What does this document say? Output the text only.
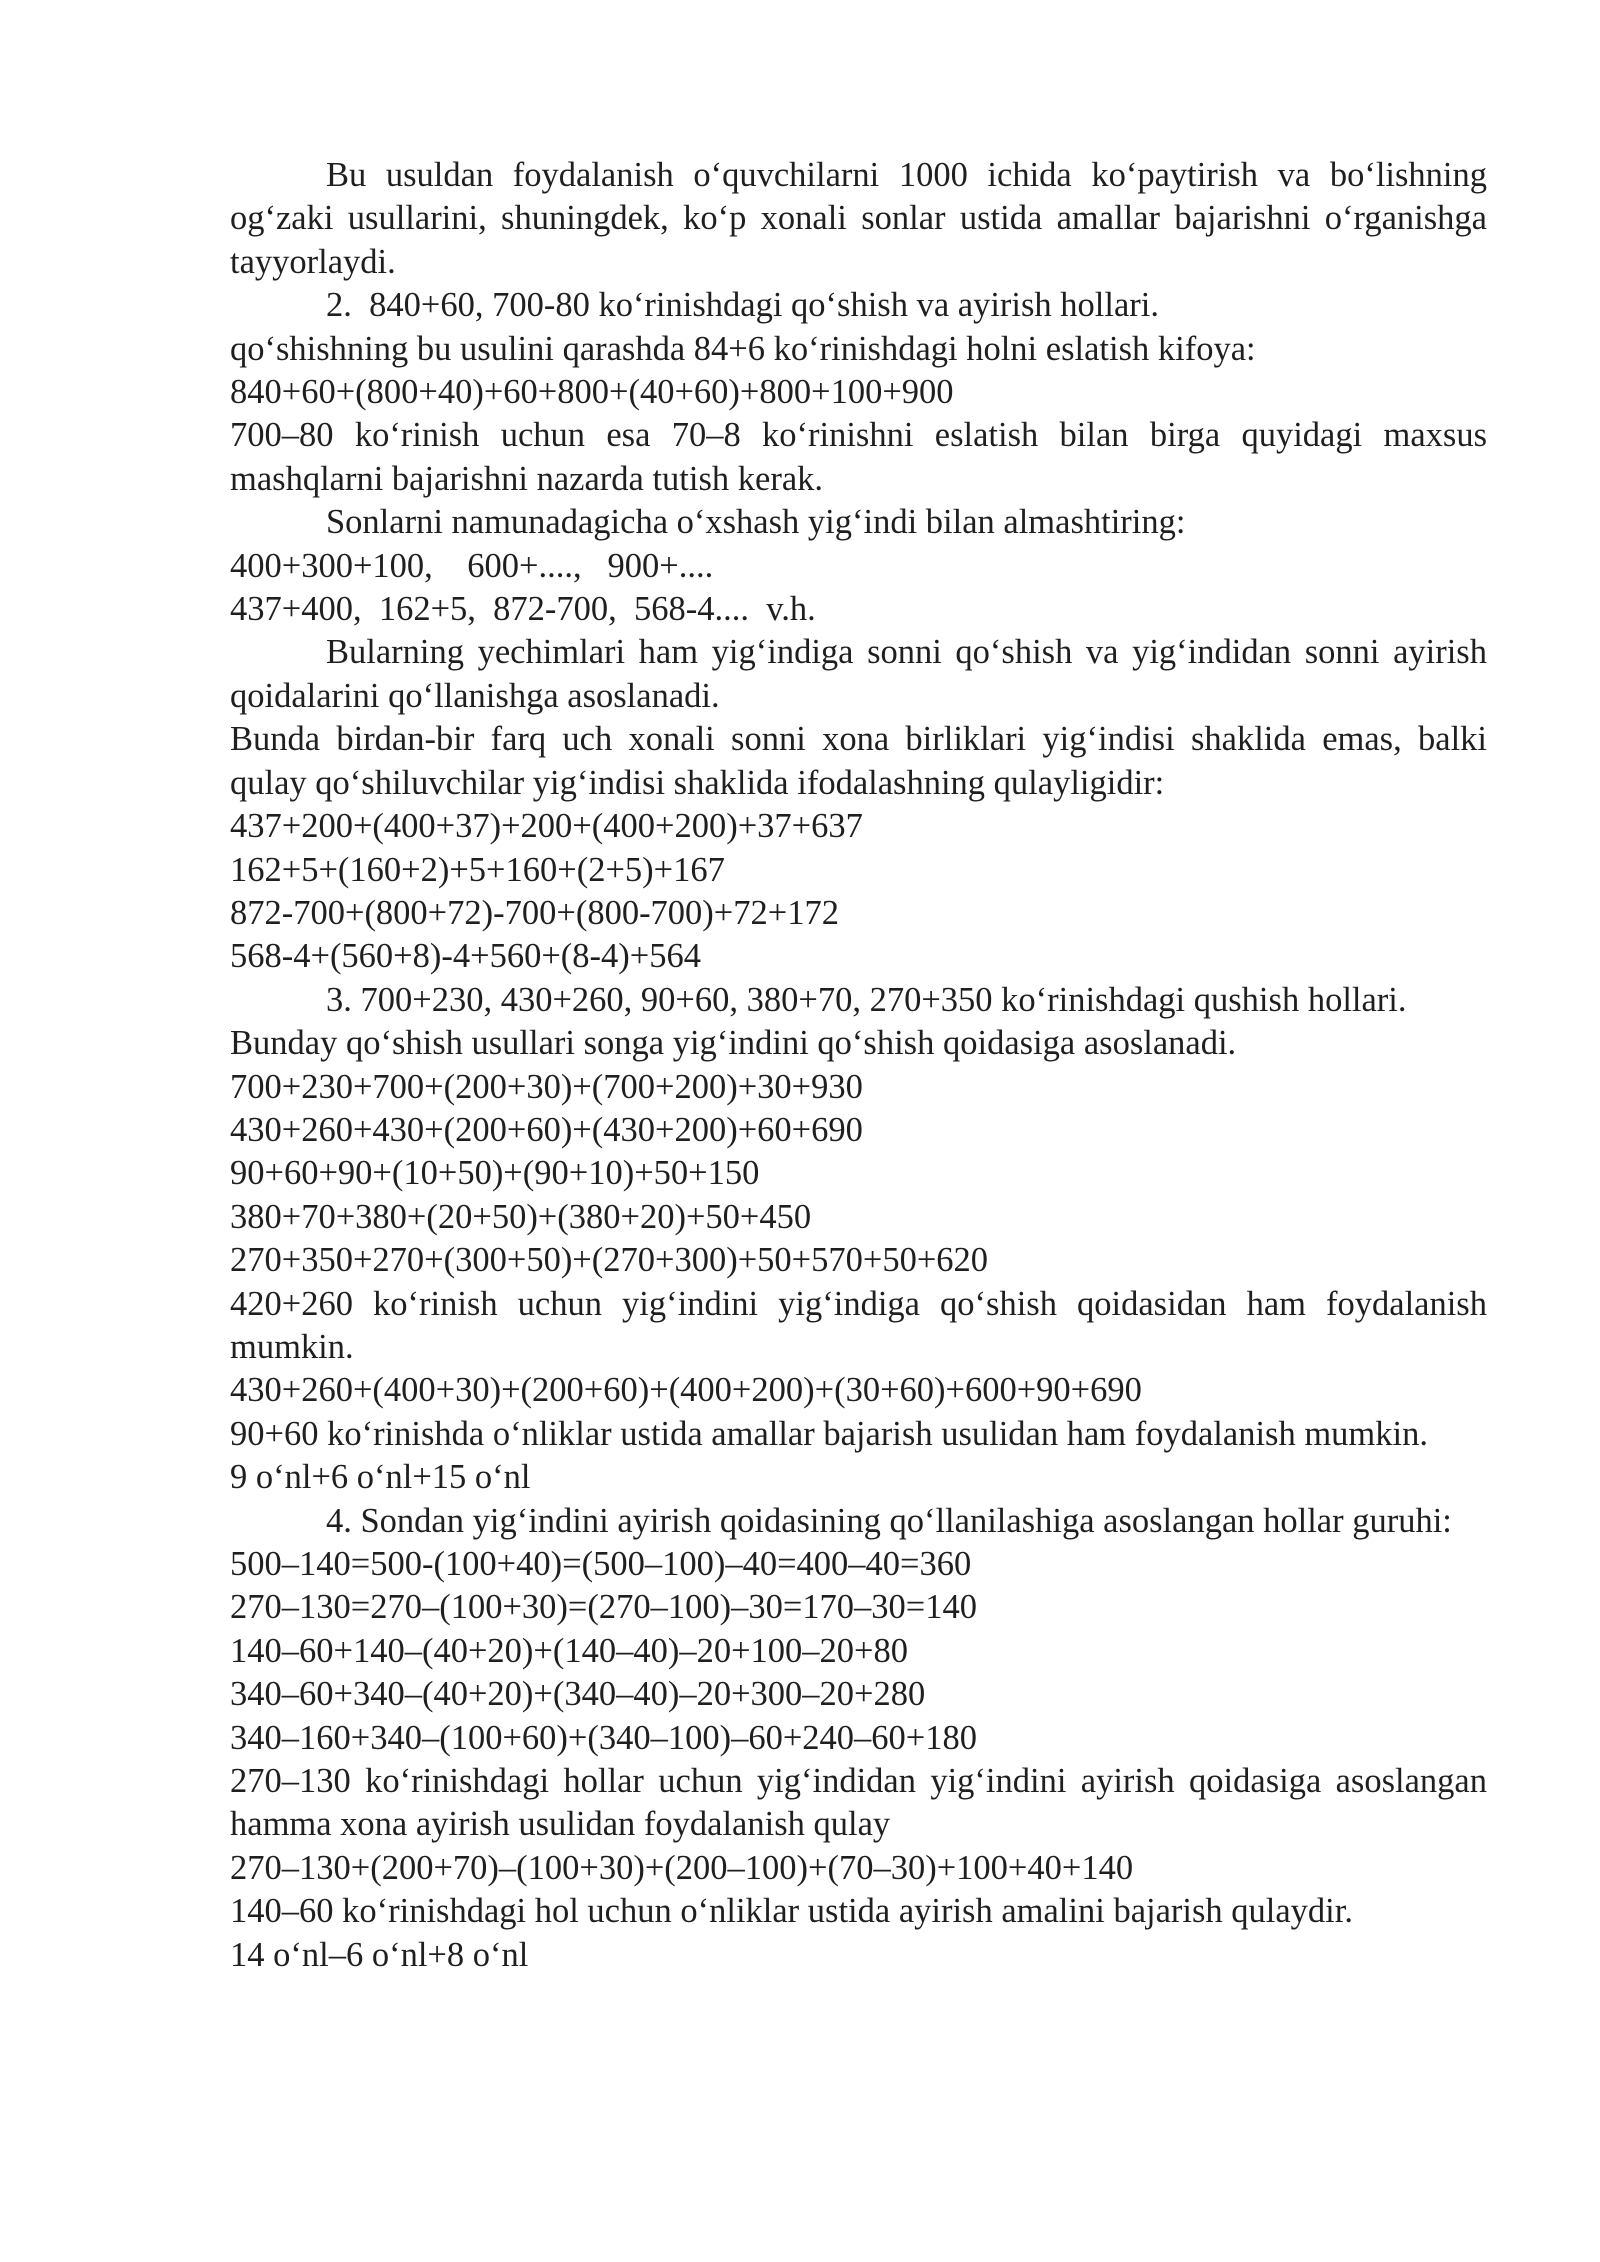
Bu usuldan foydalanish o‘quvchilarni 1000 ichida ko‘paytirish va bo‘lishning og‘zaki usullarini, shuningdek, ko‘p xonali sonlar ustida amallar bajarishni o‘rganishga tayyorlaydi.

2.  840+60, 700-80 ko‘rinishdagi qo‘shish va ayirish hollari.

qo‘shishning bu usulini qarashda 84+6 ko‘rinishdagi holni eslatish kifoya:

840+60+(800+40)+60+800+(40+60)+800+100+900

700–80 ko‘rinish uchun esa 70–8 ko‘rinishni eslatish bilan birga quyidagi maxsus mashqlarni bajarishni nazarda tutish kerak.

Sonlarni namunadagicha o‘xshash yig‘indi bilan almashtiring:

400+300+100,    600+....,   900+....

437+400,  162+5,  872-700,  568-4....  v.h.

Bularning yechimlari ham yig‘indiga sonni qo‘shish va yig‘indidan sonni ayirish qoidalarini qo‘llanishga asoslanadi.

Bunda birdan-bir farq uch xonali sonni xona birliklari yig‘indisi shaklida emas, balki qulay qo‘shiluvchilar yig‘indisi shaklida ifodalashning qulayligidir:

437+200+(400+37)+200+(400+200)+37+637

162+5+(160+2)+5+160+(2+5)+167

872-700+(800+72)-700+(800-700)+72+172

568-4+(560+8)-4+560+(8-4)+564

3. 700+230, 430+260, 90+60, 380+70, 270+350 ko‘rinishdagi qushish hollari.

Bunday qo‘shish usullari songa yig‘indini qo‘shish qoidasiga asoslanadi.

700+230+700+(200+30)+(700+200)+30+930

430+260+430+(200+60)+(430+200)+60+690

90+60+90+(10+50)+(90+10)+50+150

380+70+380+(20+50)+(380+20)+50+450

270+350+270+(300+50)+(270+300)+50+570+50+620

420+260 ko‘rinish uchun yig‘indini yig‘indiga qo‘shish qoidasidan ham foydalanish mumkin.

430+260+(400+30)+(200+60)+(400+200)+(30+60)+600+90+690

90+60 ko‘rinishda o‘nliklar ustida amallar bajarish usulidan ham foydalanish mumkin.

9 o‘nl+6 o‘nl+15 o‘nl

4. Sondan yig‘indini ayirish qoidasining qo‘llanilashiga asoslangan hollar guruhi:

500–140=500-(100+40)=(500–100)–40=400–40=360

270–130=270–(100+30)=(270–100)–30=170–30=140

140–60+140–(40+20)+(140–40)–20+100–20+80

340–60+340–(40+20)+(340–40)–20+300–20+280

340–160+340–(100+60)+(340–100)–60+240–60+180

270–130 ko‘rinishdagi hollar uchun yig‘indidan yig‘indini ayirish qoidasiga asoslangan hamma xona ayirish usulidan foydalanish qulay

270–130+(200+70)–(100+30)+(200–100)+(70–30)+100+40+140

140–60 ko‘rinishdagi hol uchun o‘nliklar ustida ayirish amalini bajarish qulaydir.

14 o‘nl–6 o‘nl+8 o‘nl
